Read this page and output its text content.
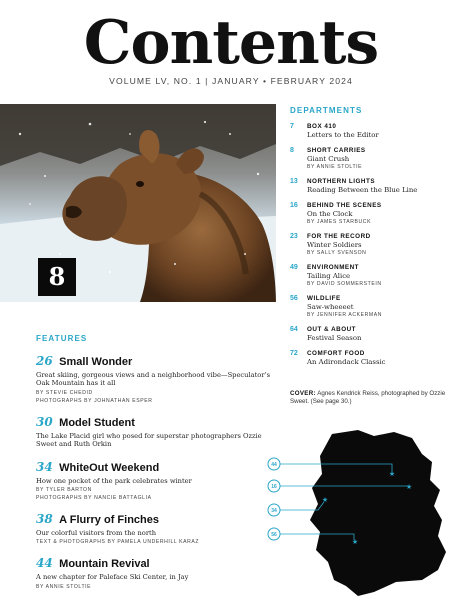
Contents
VOLUME LV, NO. 1 | JANUARY • FEBRUARY 2024
8
DEPARTMENTS
7 BOX 410
Letters to the Editor
8 SHORT CARRIES
Giant Crush
BY ANNIE STOLTIE
13 NORTHERN LIGHTS
Reading Between the Blue Line
16 BEHIND THE SCENES
On the Clock
BY JAMES STARBUCK
23 FOR THE RECORD
Winter Soldiers
BY SALLY SVENSON
49 ENVIRONMENT
Tailing Alice
BY DAVID SOMMERSTEIN
56 WILDLIFE
Saw-wheeeet
BY JENNIFER ACKERMAN
64 OUT & ABOUT
Festival Season
72 COMFORT FOOD
An Adirondack Classic
COVER: Agnes Kendrick Reiss, photographed by Ozzie Sweet. (See page 30.)
FEATURES
26 Small Wonder
Great skiing, gorgeous views and a neighborhood vibe—Speculator’s Oak Mountain has it all
BY STEVIE CHEDID
PHOTOGRAPHS BY JOHNATHAN ESPER
30 Model Student
The Lake Placid girl who posed for superstar photographers Ozzie Sweet and Ruth Orkin
34 WhiteOut Weekend
How one pocket of the park celebrates winter
BY TYLER BARTON
PHOTOGRAPHS BY NANCIE BATTAGLIA
38 A Flurry of Finches
Our colorful visitors from the north
TEXT & PHOTOGRAPHS BY PAMELA UNDERHILL KARAZ
44 Mountain Revival
A new chapter for Paleface Ski Center, in Jay
BY ANNIE STOLTIE
44
★
16	★
34
★
56
★
